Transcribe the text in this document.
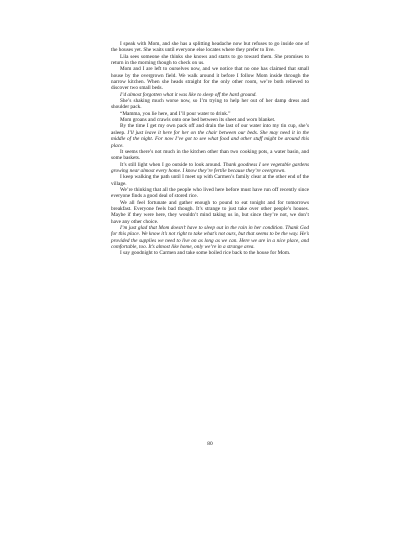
I speak with Mom, and she has a splitting headache now but refuses to go inside one of the houses yet. She waits until everyone else locates where they prefer to live.

Lila sees someone she thinks she knows and starts to go toward them. She promises to return in the morning though to check on us.

Mom and I are left to ourselves now, and we notice that no one has claimed that small house by the overgrown field. We walk around it before I follow Mom inside through the narrow kitchen. When she heads straight for the only other room, we’re both relieved to discover two small beds.

I’d almost forgotten what it was like to sleep off the hard ground.

She’s shaking much worse now, so I’m trying to help her out of her damp dress and shoulder pack.

“Mamma, you lie here, and I’ll pour water to drink.”

Mom groans and crawls onto one bed between its sheet and worn blanket.

By the time I get my own pack off and drain the last of our water into my tin cup, she’s asleep. I’ll just leave it here for her on the chair between our beds. She may need it in the middle of the night. For now I’ve got to see what food and other stuff might be around this place.

It seems there’s not much in the kitchen other than two cooking pots, a water basin, and some baskets.

It’s still light when I go outside to look around. Thank goodness I see vegetable gardens growing near almost every home. I know they’re fertile because they’re overgrown.

I keep walking the path until I meet up with Carmen’s family clear at the other end of the village.

We’re thinking that all the people who lived here before must have run off recently since everyone finds a good deal of stored rice.

We all feel fortunate and gather enough to pound to eat tonight and for tomorrows breakfast. Everyone feels bad though. It’s strange to just take over other people’s houses. Maybe if they were here, they wouldn’t mind taking us in, but since they’re not, we don’t have any other choice.

I’m just glad that Mom doesn’t have to sleep out in the rain in her condition. Thank God for this place. We know it’s not right to take what’s not ours, but that seems to be the way. He’s provided the supplies we need to live on as long as we can. Here we are in a nice place, and comfortable, too. It’s almost like home, only we’re in a strange area.

I say goodnight to Carmen and take some boiled rice back to the house for Mom.

80
